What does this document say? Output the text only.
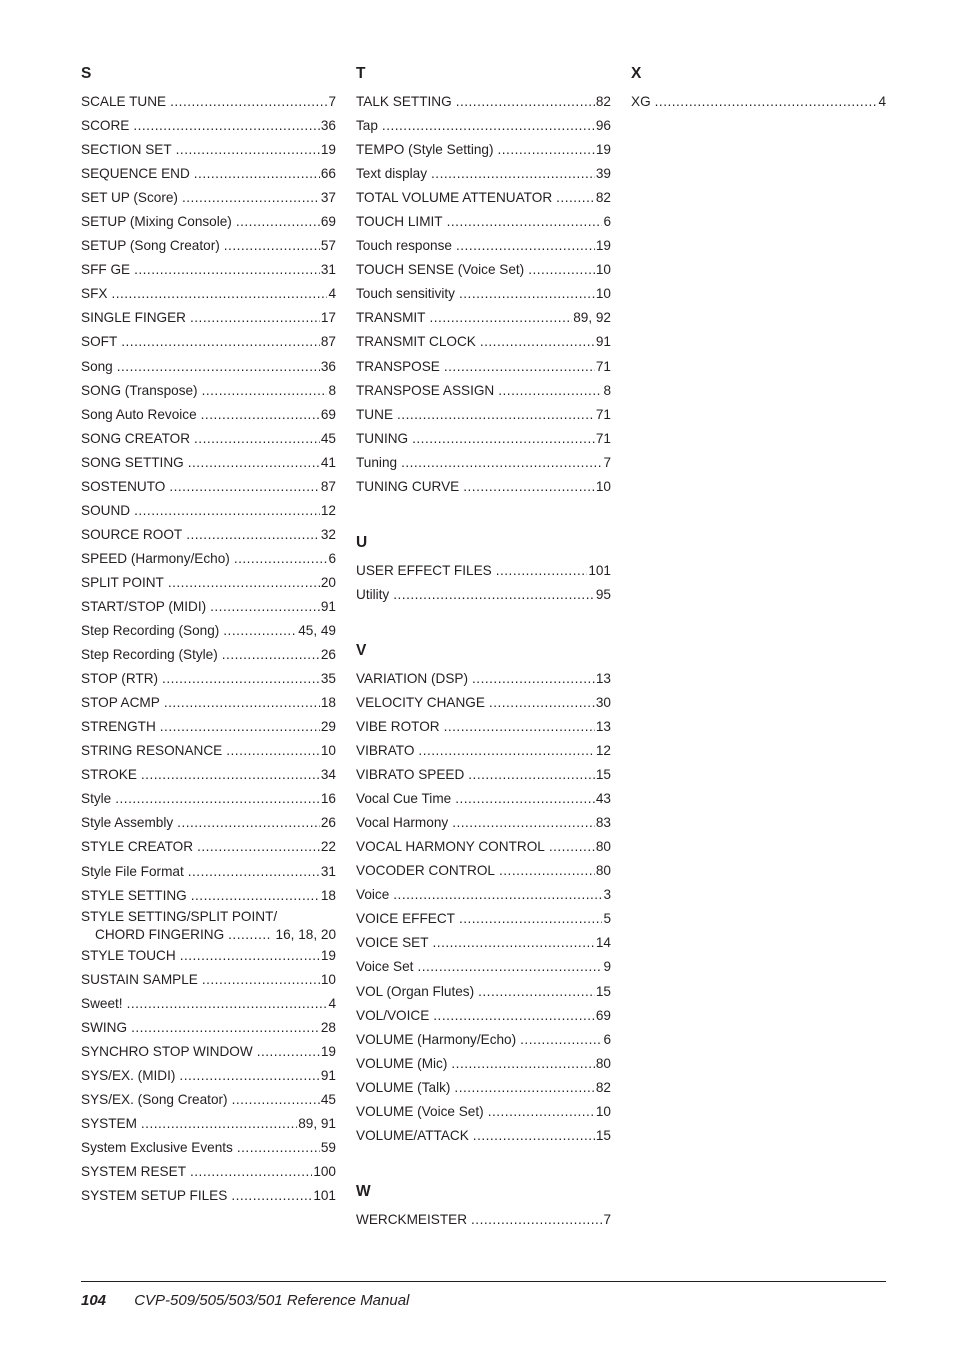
S
SCALE TUNE .....	7
SCORE .....	36
SECTION SET .....	19
SEQUENCE END .....	66
SET UP (Score) .....	37
SETUP (Mixing Console) .....	69
SETUP (Song Creator) .....	57
SFF GE .....	31
SFX .....	4
SINGLE FINGER .....	17
SOFT .....	87
Song .....	36
SONG (Transpose) .....	8
Song Auto Revoice .....	69
SONG CREATOR .....	45
SONG SETTING .....	41
SOSTENUTO .....	87
SOUND .....	12
SOURCE ROOT .....	32
SPEED (Harmony/Echo) .....	6
SPLIT POINT .....	20
START/STOP (MIDI) .....	91
Step Recording (Song) .....	45, 49
Step Recording (Style) .....	26
STOP (RTR) .....	35
STOP ACMP .....	18
STRENGTH .....	29
STRING RESONANCE .....	10
STROKE .....	34
Style .....	16
Style Assembly .....	26
STYLE CREATOR .....	22
Style File Format .....	31
STYLE SETTING .....	18
STYLE SETTING/SPLIT POINT/
CHORD FINGERING .....	16, 18, 20
STYLE TOUCH .....	19
SUSTAIN SAMPLE .....	10
Sweet! .....	4
SWING .....	28
SYNCHRO STOP WINDOW .....	19
SYS/EX. (MIDI) .....	91
SYS/EX. (Song Creator) .....	45
SYSTEM .....	89, 91
System Exclusive Events .....	59
SYSTEM RESET .....	100
SYSTEM SETUP FILES .....	101
T
TALK SETTING .....	82
Tap .....	96
TEMPO (Style Setting) .....	19
Text display .....	39
TOTAL VOLUME ATTENUATOR .....	82
TOUCH LIMIT .....	6
Touch response .....	19
TOUCH SENSE (Voice Set) .....	10
Touch sensitivity .....	10
TRANSMIT .....	89, 92
TRANSMIT CLOCK .....	91
TRANSPOSE .....	71
TRANSPOSE ASSIGN .....	8
TUNE .....	71
TUNING .....	71
Tuning .....	7
TUNING CURVE .....	10
U
USER EFFECT FILES .....	101
Utility .....	95
V
VARIATION (DSP) .....	13
VELOCITY CHANGE .....	30
VIBE ROTOR .....	13
VIBRATO .....	12
VIBRATO SPEED .....	15
Vocal Cue Time .....	43
Vocal Harmony .....	83
VOCAL HARMONY CONTROL .....	80
VOCODER CONTROL .....	80
Voice .....	3
VOICE EFFECT .....	5
VOICE SET .....	14
Voice Set .....	9
VOL (Organ Flutes) .....	15
VOL/VOICE .....	69
VOLUME (Harmony/Echo) .....	6
VOLUME (Mic) .....	80
VOLUME (Talk) .....	82
VOLUME (Voice Set) .....	10
VOLUME/ATTACK .....	15
W
WERCKMEISTER .....	7
X
XG .....	4
104 CVP-509/505/503/501 Reference Manual
